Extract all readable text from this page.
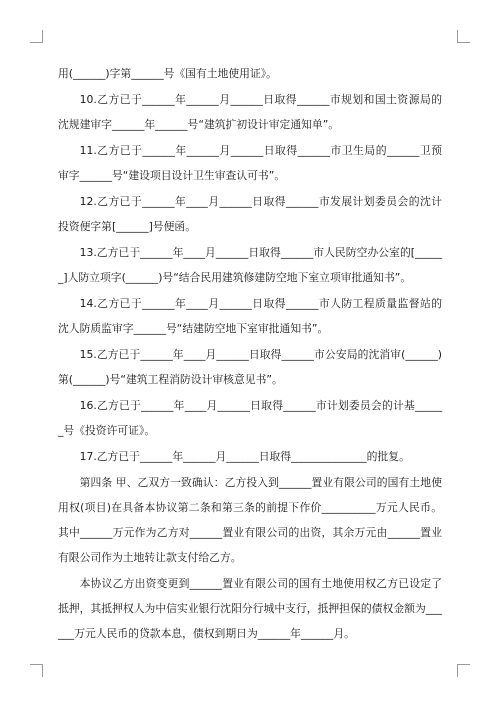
用(______)字第______号《国有土地使用证》。

10.乙方已于______年______月______日取得______市规划和国土资源局的沈规建审字______年______号“建筑扩初设计审定通知单”。

11.乙方已于______年______月______日取得______市卫生局的______卫预审字______号“建设项目设计卫生审查认可书”。

12.乙方已于______年____月______日取得______市发展计划委员会的沈计投资便字第[______]号便函。

13.乙方已于______年____月______日取得______市人民防空办公室的[______]人防立项字(______)号“结合民用建筑修建防空地下室立项审批通知书”。

14.乙方已于______年____月______日取得______市人防工程质量监督站的沈人防质监审字______号“结建防空地下室审批通知书”。

15.乙方已于______年____月______日取得______市公安局的沈消审(______)第(______)号“建筑工程消防设计审核意见书”。

16.乙方已于______年____月______日取得______市计划委员会的计基______号《投资许可证》。

17.乙方已于______年______月______日取得______________的批复。

第四条 甲、乙双方一致确认：乙方投入到______置业有限公司的国有土地使用权(项目)在具备本协议第二条和第三条的前提下作价__________万元人民币。其中______万元作为乙方对______置业有限公司的出资，其余万元由______置业有限公司作为土地转让款支付给乙方。

本协议乙方出资变更到______置业有限公司的国有土地使用权乙方已设定了抵押，其抵押权人为中信实业银行沈阳分行城中支行，抵押担保的债权金额为______万元人民币的贷款本息，债权到期日为______年______月。
